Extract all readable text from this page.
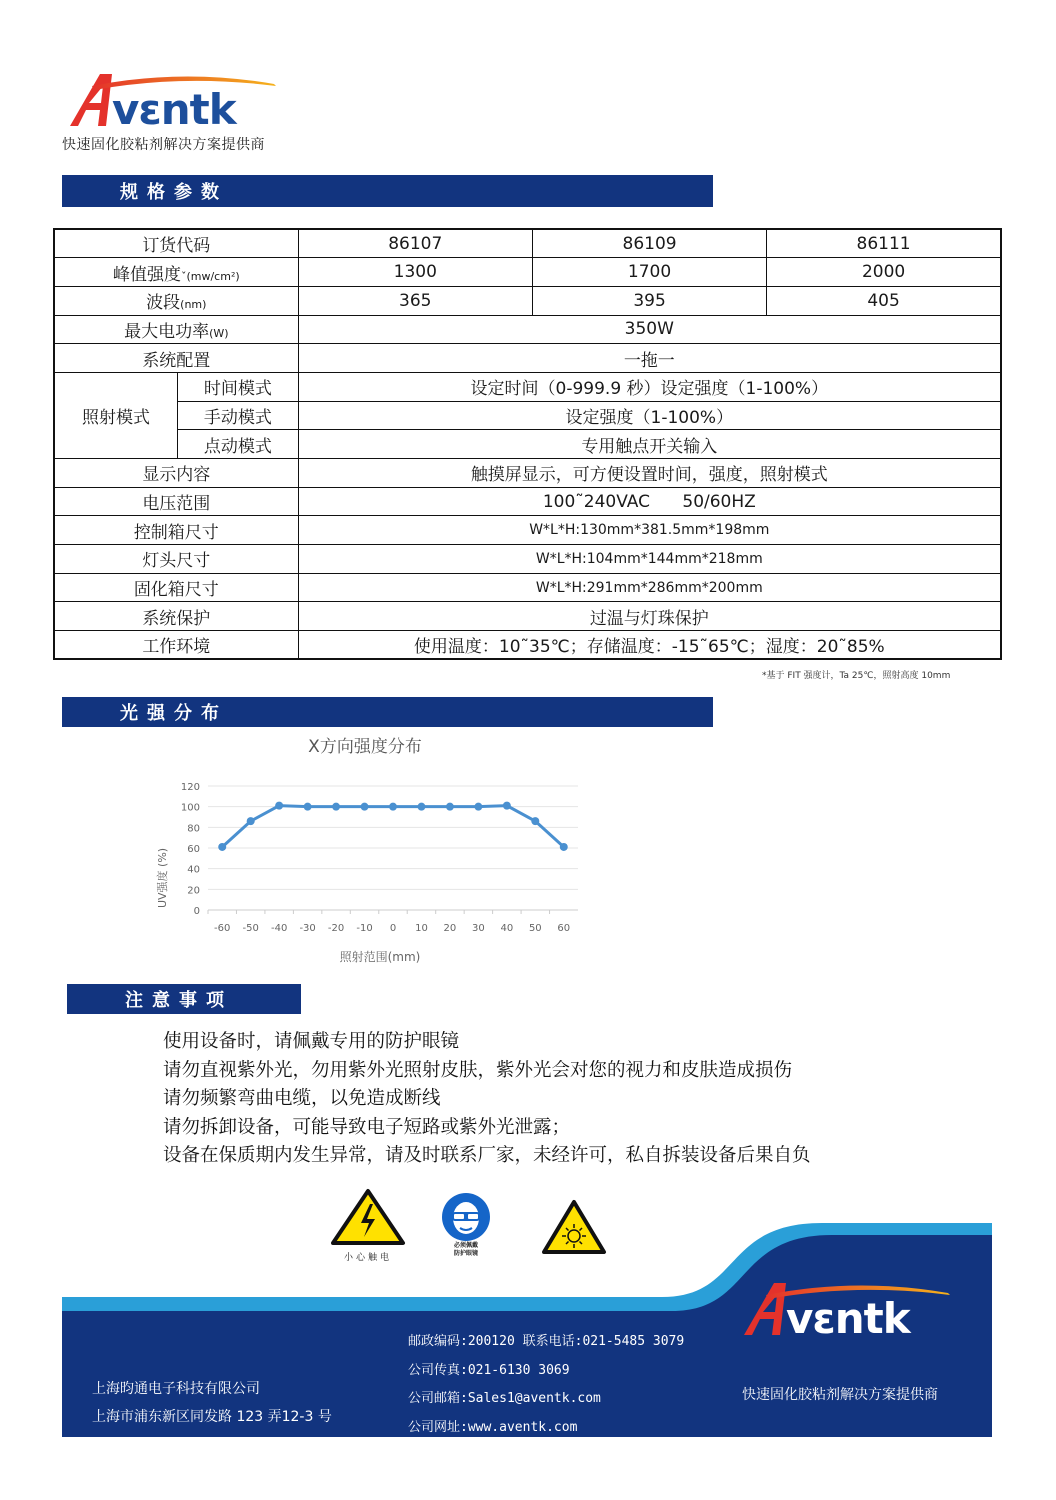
vεntk
快速固化胶粘剂解决方案提供商
规格参数
订货代码		86107	86109	86111
峰值强度ˇ(mw/cm²)		1300	1700	2000
波段(nm)		365	395	405
最大电功率(W)		350W		
系统配置		一拖一		
照射模式	时间模式	设定时间（0-999.9 秒）设定强度（1-100%）		
	手动模式	设定强度（1-100%）		
	点动模式	专用触点开关输入		
显示内容		触摸屏显示，可方便设置时间，强度，照射模式		
电压范围		100˜240VAC      50/60HZ		
控制箱尺寸		W*L*H:130mm*381.5mm*198mm		
灯头尺寸		W*L*H:104mm*144mm*218mm		
固化箱尺寸		W*L*H:291mm*286mm*200mm		
系统保护		过温与灯珠保护		
工作环境		使用温度：10˜35℃；存储温度：-15˜65℃；湿度：20˜85%		
*基于 FIT 强度计，Ta 25℃，照射高度 10mm
光强分布
X方向强度分布
0
20
40
60
80
100
120
-60 -50 -40 -30 -20 -10 0 10 20 30 40 50 60
UV强度 (%)
照射范围(mm)
注意事项
使用设备时，请佩戴专用的防护眼镜
请勿直视紫外光，勿用紫外光照射皮肤，紫外光会对您的视力和皮肤造成损伤
请勿频繁弯曲电缆，以免造成断线
请勿拆卸设备，可能导致电子短路或紫外光泄露；
设备在保质期内发生异常，请及时联系厂家，未经许可，私自拆装设备后果自负
小心触电
必须佩戴
防护眼镜
vεntk
上海昀通电子科技有限公司
上海市浦东新区同发路 123 弄12-3 号
邮政编码:200120 联系电话:021-5485 3079
公司传真:021-6130 3069
公司邮箱:Sales1@aventk.com
公司网址:www.aventk.com
快速固化胶粘剂解决方案提供商
